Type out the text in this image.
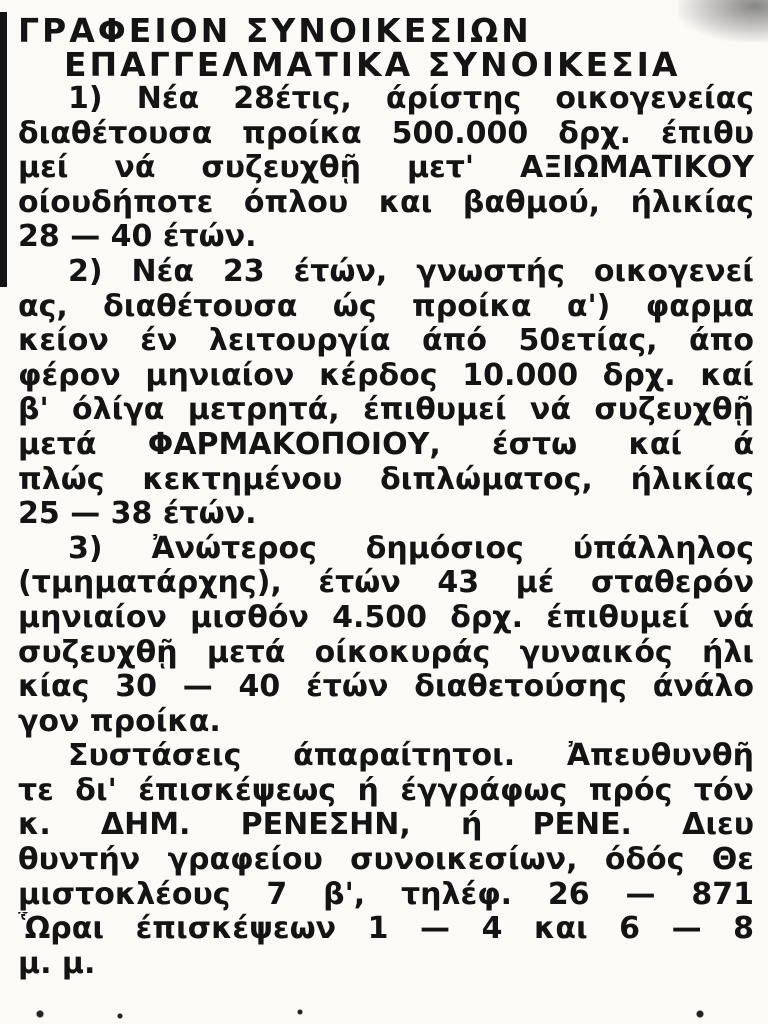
ΓΡΑΦΕΙΟΝ ΣΥΝΟΙΚΕΣΙΩΝ
ΕΠΑΓΓΕΛΜΑΤΙΚΑ ΣΥΝΟΙΚΕΣΙΑ
1) Νέα 28έτις, άρίστης οικογενείας
διαθέτουσα προίκα 500.000 δρχ. έπιθυ
μεί νά συζευχθῇ μετ' ΑΞΙΩΜΑΤΙΚΟΥ
οίουδήποτε όπλου και βαθμού, ήλικίας
28 — 40 έτών.
2) Νέα 23 έτών, γνωστής οικογενεί
ας, διαθέτουσα ώς προίκα α') φαρμα
κείον έν λειτουργία άπό 50ετίας, άπο
φέρον μηνιαίον κέρδος 10.000 δρχ. καί
β' όλίγα μετρητά, έπιθυμεί νά συζευχθῇ
μετά ΦΑΡΜΑΚΟΠΟΙΟΥ, έστω καί ά
πλώς κεκτημένου διπλώματος, ήλικίας
25 — 38 έτών.
3) Ἀνώτερος δημόσιος ύπάλληλος
(τμηματάρχης), έτών 43 μέ σταθερόν
μηνιαίον μισθόν 4.500 δρχ. έπιθυμεί νά
συζευχθῇ μετά οίκοκυράς γυναικός ήλι
κίας 30 — 40 έτών διαθετούσης άνάλο
γον προίκα.
Συστάσεις άπαραίτητοι. Ἀπευθυνθῆ
τε δι' έπισκέψεως ή έγγράφως πρός τόν
κ. ΔΗΜ. ΡΕΝΕΣΗΝ, ή ΡΕΝΕ. Διευ
θυντήν γραφείου συνοικεσίων, όδός Θε
μιστοκλέους 7 β', τηλέφ. 26 — 871
Ὧραι έπισκέψεων 1 — 4 και 6 — 8
μ. μ.
